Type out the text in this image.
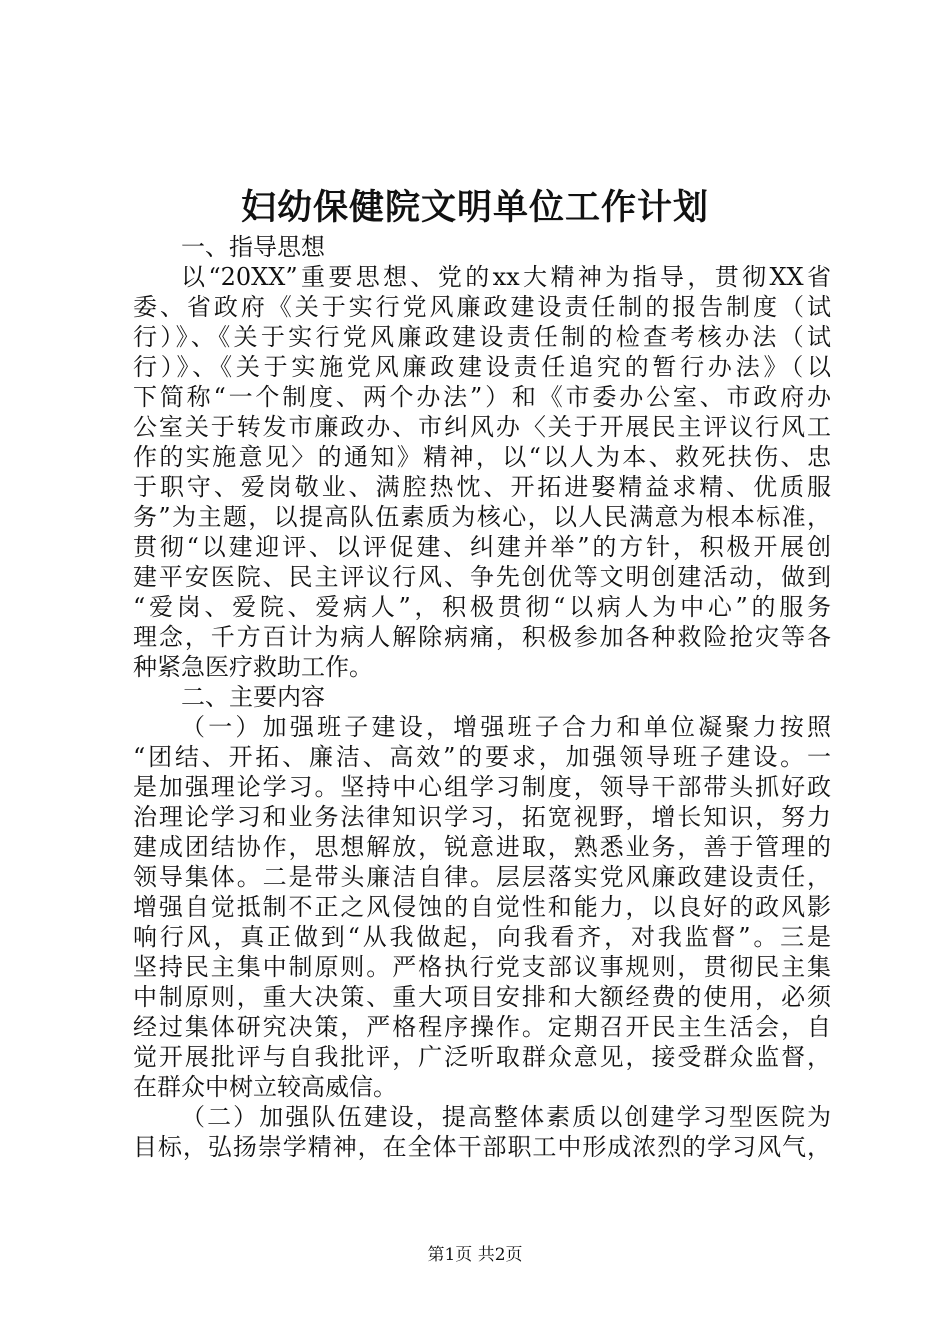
妇幼保健院文明单位工作计划
一、指导思想
以“20XX”重要思想、党的xx大精神为指导，贯彻XX省
委、省政府《关于实行党风廉政建设责任制的报告制度（试
行）》、《关于实行党风廉政建设责任制的检查考核办法（试
行）》、《关于实施党风廉政建设责任追究的暂行办法》（以
下简称“一个制度、两个办法”）和《市委办公室、市政府办
公室关于转发市廉政办、市纠风办〈关于开展民主评议行风工
作的实施意见〉的通知》精神，以“以人为本、救死扶伤、忠
于职守、爱岗敬业、满腔热忱、开拓进娶精益求精、优质服
务”为主题，以提高队伍素质为核心，以人民满意为根本标准，
贯彻“以建迎评、以评促建、纠建并举”的方针，积极开展创
建平安医院、民主评议行风、争先创优等文明创建活动，做到
“爱岗、爱院、爱病人”，积极贯彻“以病人为中心”的服务
理念，千方百计为病人解除病痛，积极参加各种救险抢灾等各
种紧急医疗救助工作。
二、主要内容
（一）加强班子建设，增强班子合力和单位凝聚力按照
“团结、开拓、廉洁、高效”的要求，加强领导班子建设。一
是加强理论学习。坚持中心组学习制度，领导干部带头抓好政
治理论学习和业务法律知识学习，拓宽视野，增长知识，努力
建成团结协作，思想解放，锐意进取，熟悉业务，善于管理的
领导集体。二是带头廉洁自律。层层落实党风廉政建设责任，
增强自觉抵制不正之风侵蚀的自觉性和能力，以良好的政风影
响行风，真正做到“从我做起，向我看齐，对我监督”。三是
坚持民主集中制原则。严格执行党支部议事规则，贯彻民主集
中制原则，重大决策、重大项目安排和大额经费的使用，必须
经过集体研究决策，严格程序操作。定期召开民主生活会，自
觉开展批评与自我批评，广泛听取群众意见，接受群众监督，
在群众中树立较高威信。
（二）加强队伍建设，提高整体素质以创建学习型医院为
目标，弘扬崇学精神，在全体干部职工中形成浓烈的学习风气，
第1页 共2页
